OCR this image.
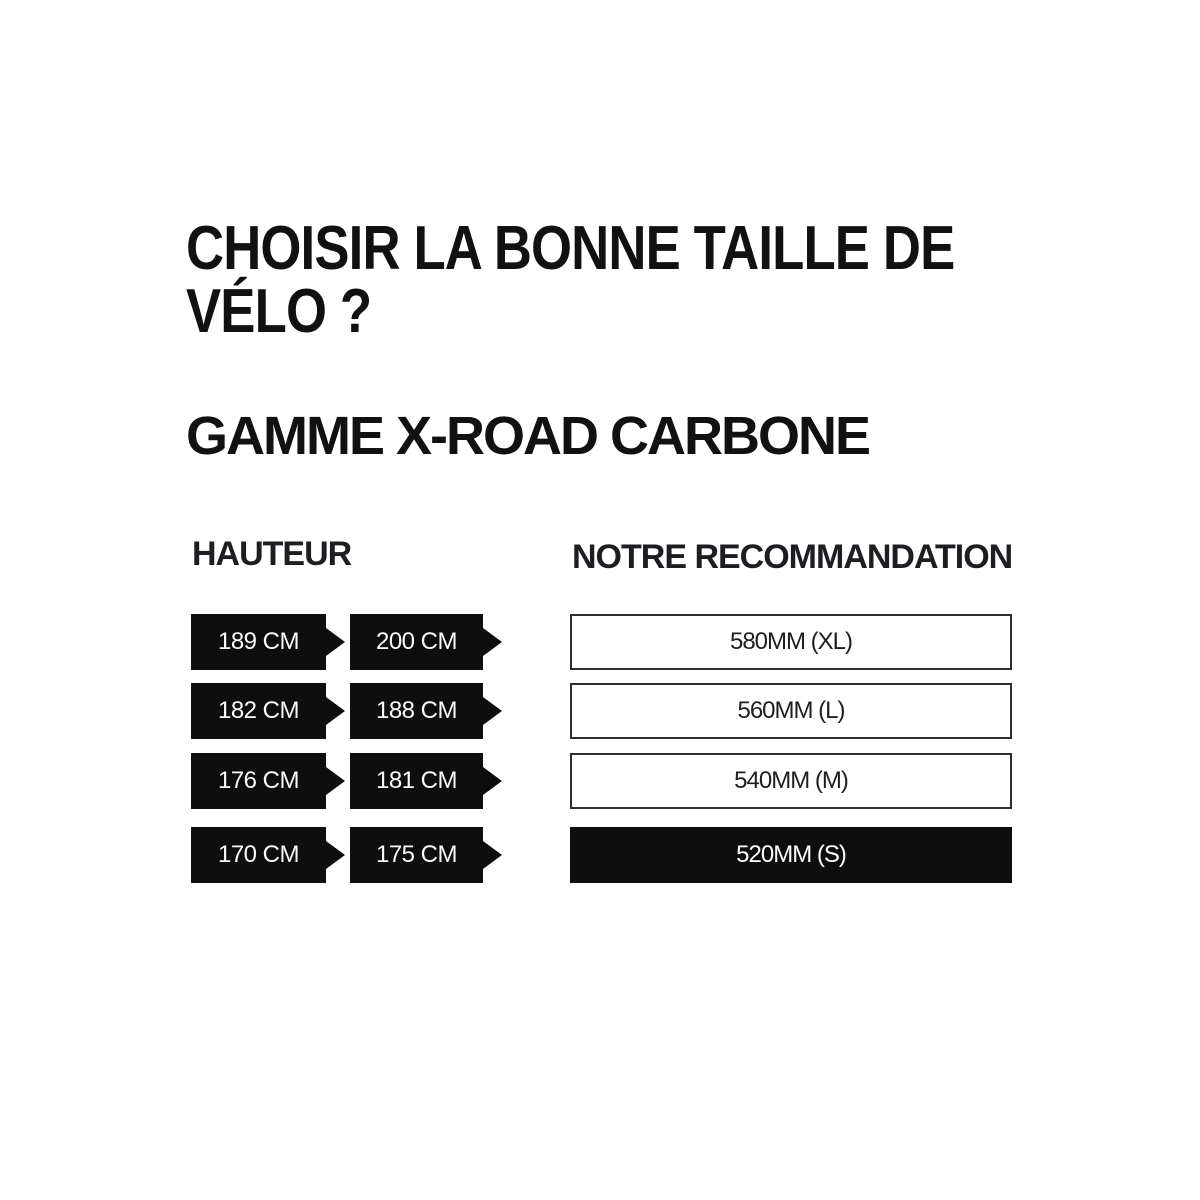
CHOISIR LA BONNE TAILLE DE
VÉLO ?
GAMME X-ROAD CARBONE
HAUTEUR	NOTRE RECOMMANDATION
189 CM	200 CM	580MM (XL)
182 CM	188 CM	560MM (L)
176 CM	181 CM	540MM (M)
170 CM	175 CM	520MM (S)
